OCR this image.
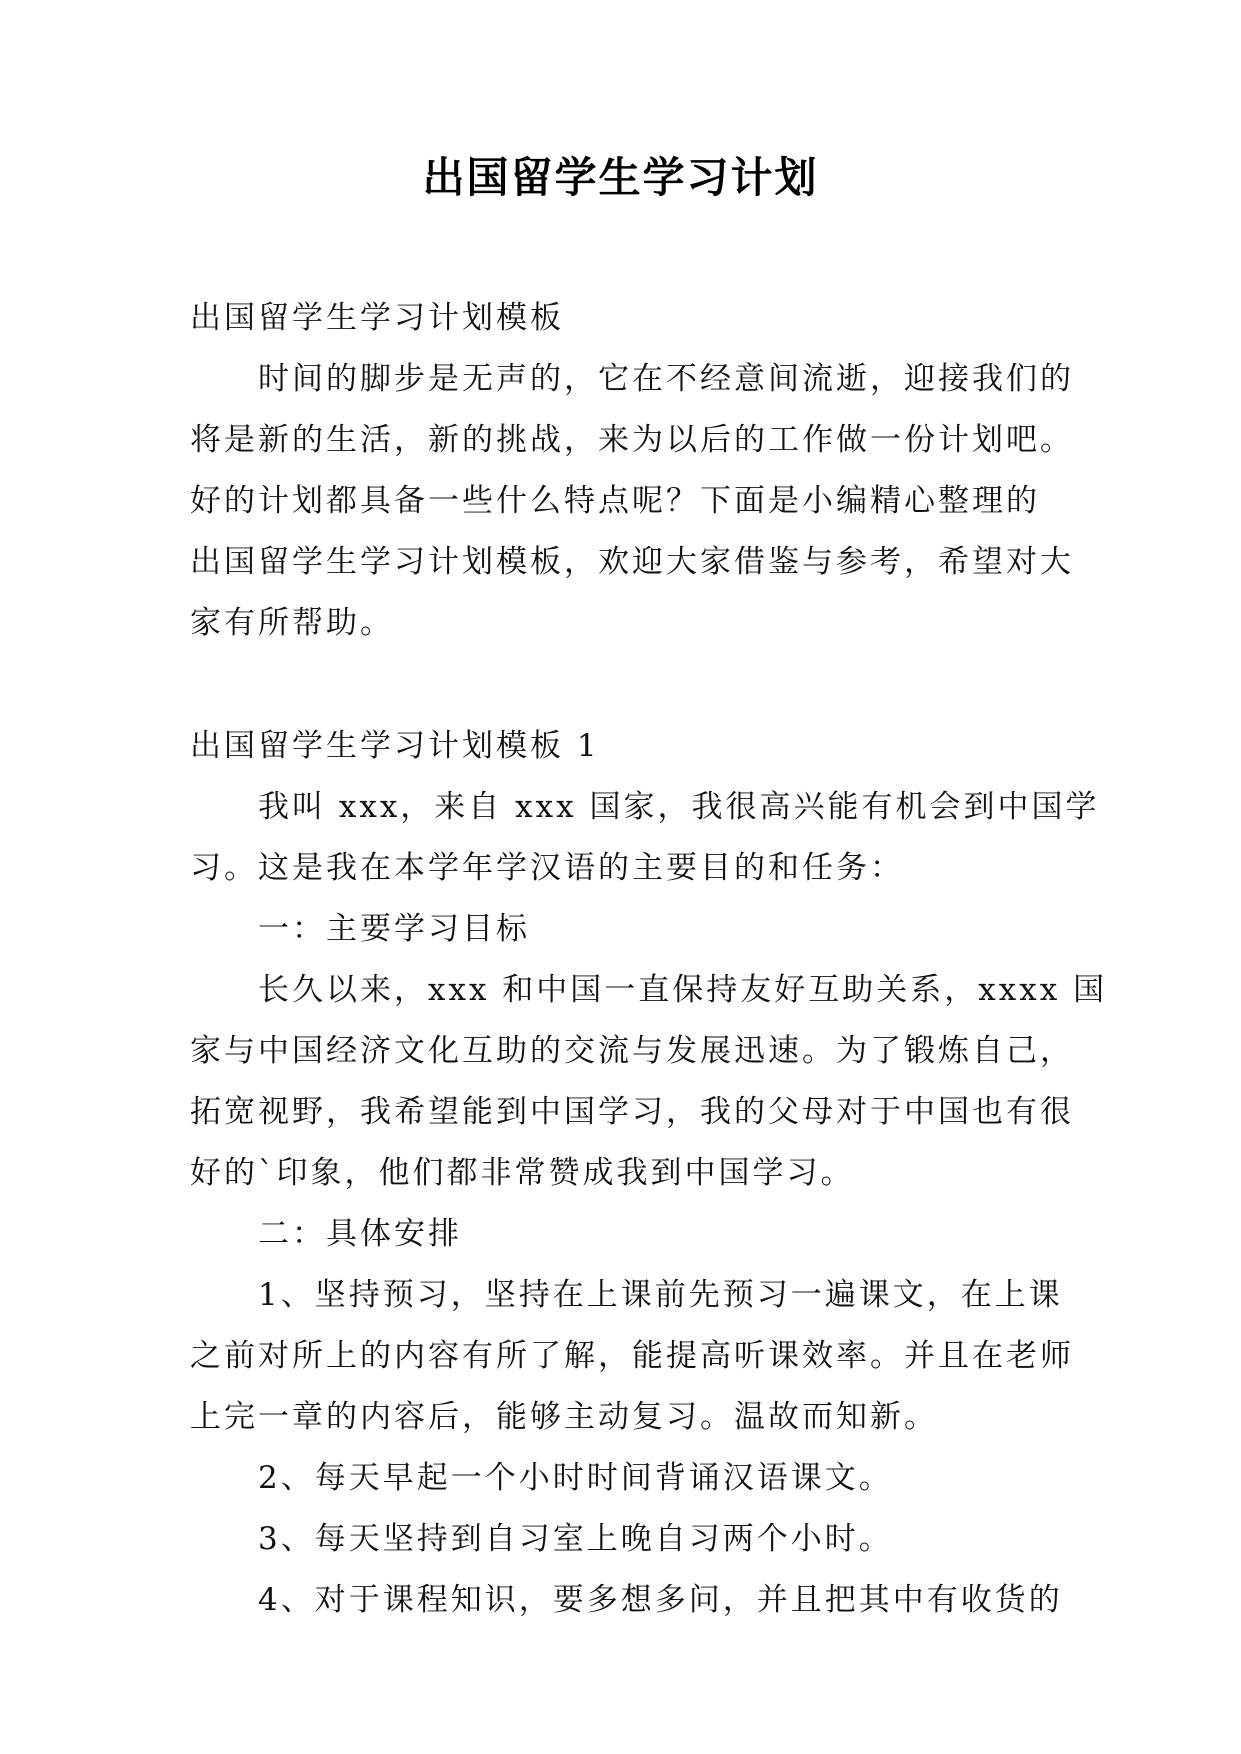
出国留学生学习计划
出国留学生学习计划模板
时间的脚步是无声的，它在不经意间流逝，迎接我们的
将是新的生活，新的挑战，来为以后的工作做一份计划吧。
好的计划都具备一些什么特点呢？下面是小编精心整理的
出国留学生学习计划模板，欢迎大家借鉴与参考，希望对大
家有所帮助。
出国留学生学习计划模板 1
我叫 xxx，来自 xxx 国家，我很高兴能有机会到中国学
习。这是我在本学年学汉语的主要目的和任务：
一：主要学习目标
长久以来，xxx 和中国一直保持友好互助关系，xxxx 国
家与中国经济文化互助的交流与发展迅速。为了锻炼自己，
拓宽视野，我希望能到中国学习，我的父母对于中国也有很
好的`印象，他们都非常赞成我到中国学习。
二：具体安排
1、坚持预习，坚持在上课前先预习一遍课文，在上课
之前对所上的内容有所了解，能提高听课效率。并且在老师
上完一章的内容后，能够主动复习。温故而知新。
2、每天早起一个小时时间背诵汉语课文。
3、每天坚持到自习室上晚自习两个小时。
4、对于课程知识，要多想多问，并且把其中有收货的
